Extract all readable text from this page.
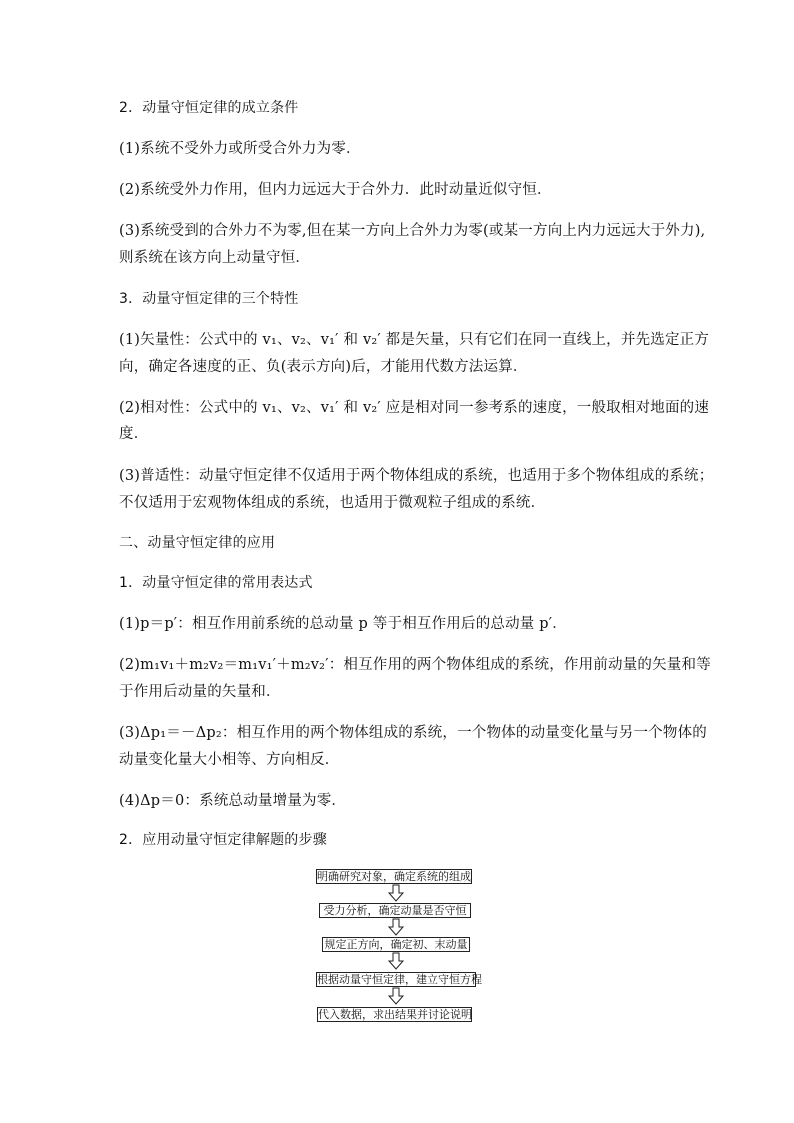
2．动量守恒定律的成立条件
(1)系统不受外力或所受合外力为零．
(2)系统受外力作用，但内力远远大于合外力．此时动量近似守恒．
(3)系统受到的合外力不为零,但在某一方向上合外力为零(或某一方向上内力远远大于外力),
则系统在该方向上动量守恒．
3．动量守恒定律的三个特性
(1)矢量性：公式中的 v₁、v₂、v₁′ 和 v₂′ 都是矢量，只有它们在同一直线上，并先选定正方
向，确定各速度的正、负(表示方向)后，才能用代数方法运算．
(2)相对性：公式中的 v₁、v₂、v₁′ 和 v₂′ 应是相对同一参考系的速度，一般取相对地面的速
度．
(3)普适性：动量守恒定律不仅适用于两个物体组成的系统，也适用于多个物体组成的系统；
不仅适用于宏观物体组成的系统，也适用于微观粒子组成的系统．
二、动量守恒定律的应用
1．动量守恒定律的常用表达式
(1)p＝p′：相互作用前系统的总动量 p 等于相互作用后的总动量 p′．
(2)m₁v₁＋m₂v₂＝m₁v₁′＋m₂v₂′：相互作用的两个物体组成的系统，作用前动量的矢量和等
于作用后动量的矢量和．
(3)Δp₁＝－Δp₂：相互作用的两个物体组成的系统，一个物体的动量变化量与另一个物体的
动量变化量大小相等、方向相反．
(4)Δp＝0：系统总动量增量为零．
2．应用动量守恒定律解题的步骤
明确研究对象，确定系统的组成
受力分析，确定动量是否守恒
规定正方向，确定初、末动量
根据动量守恒定律，建立守恒方程
代入数据，求出结果并讨论说明
